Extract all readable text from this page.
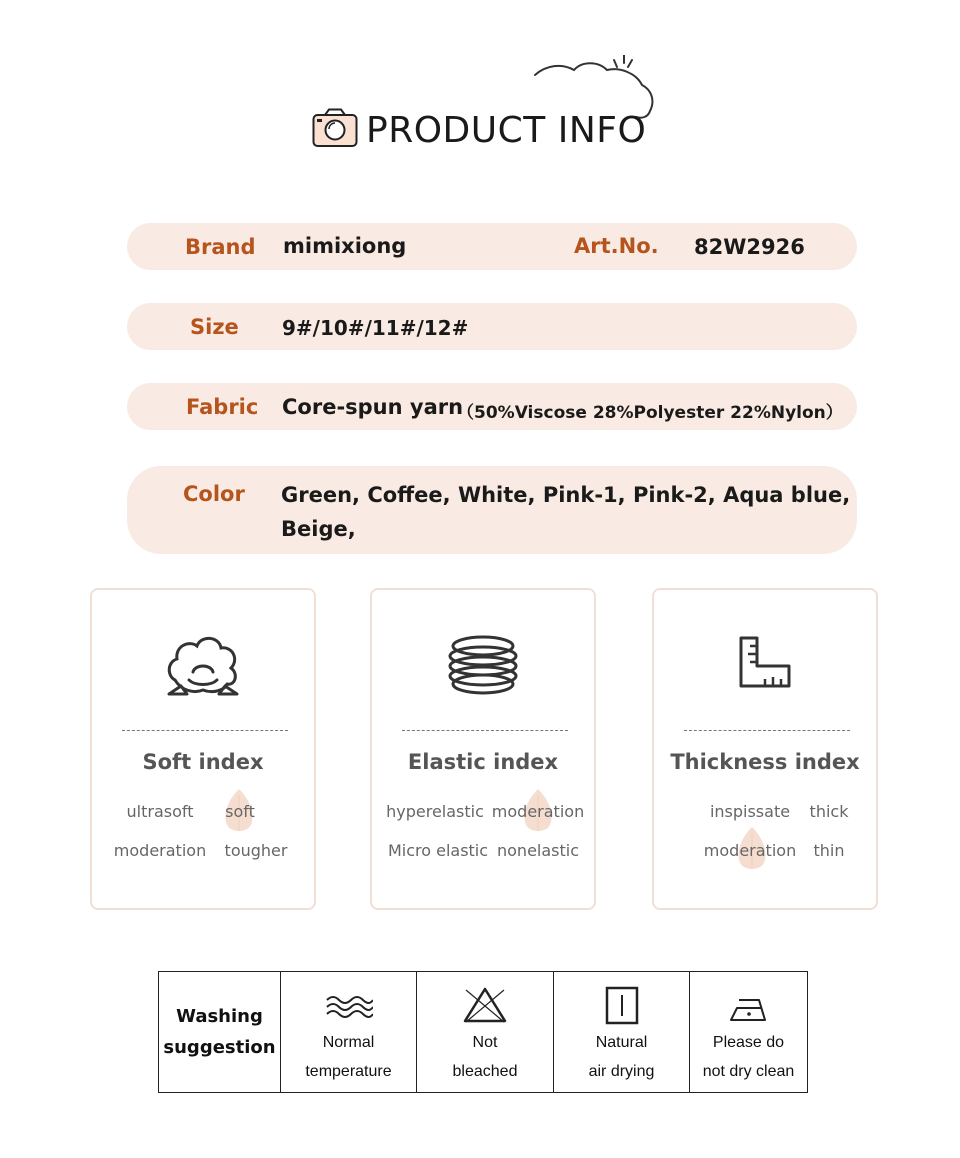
PRODUCT INFO
Brand mimixiong	Art.No. 82W2926
Size 9#/10#/11#/12#
Fabric Core-spun yarn
（50%Viscose 28%Polyester 22%Nylon）
Color Green, Coffee, White, Pink-1, Pink-2, Aqua blue,
Beige,
Soft index
ultrasoft soft
moderation tougher
Elastic index
hyperelastic moderation
Micro elastic nonelastic
Thickness index
inspissate thick
moderation thin
Washing
suggestion	Normal
temperature
Not
bleached
Natural
air drying
Please do
not dry clean
